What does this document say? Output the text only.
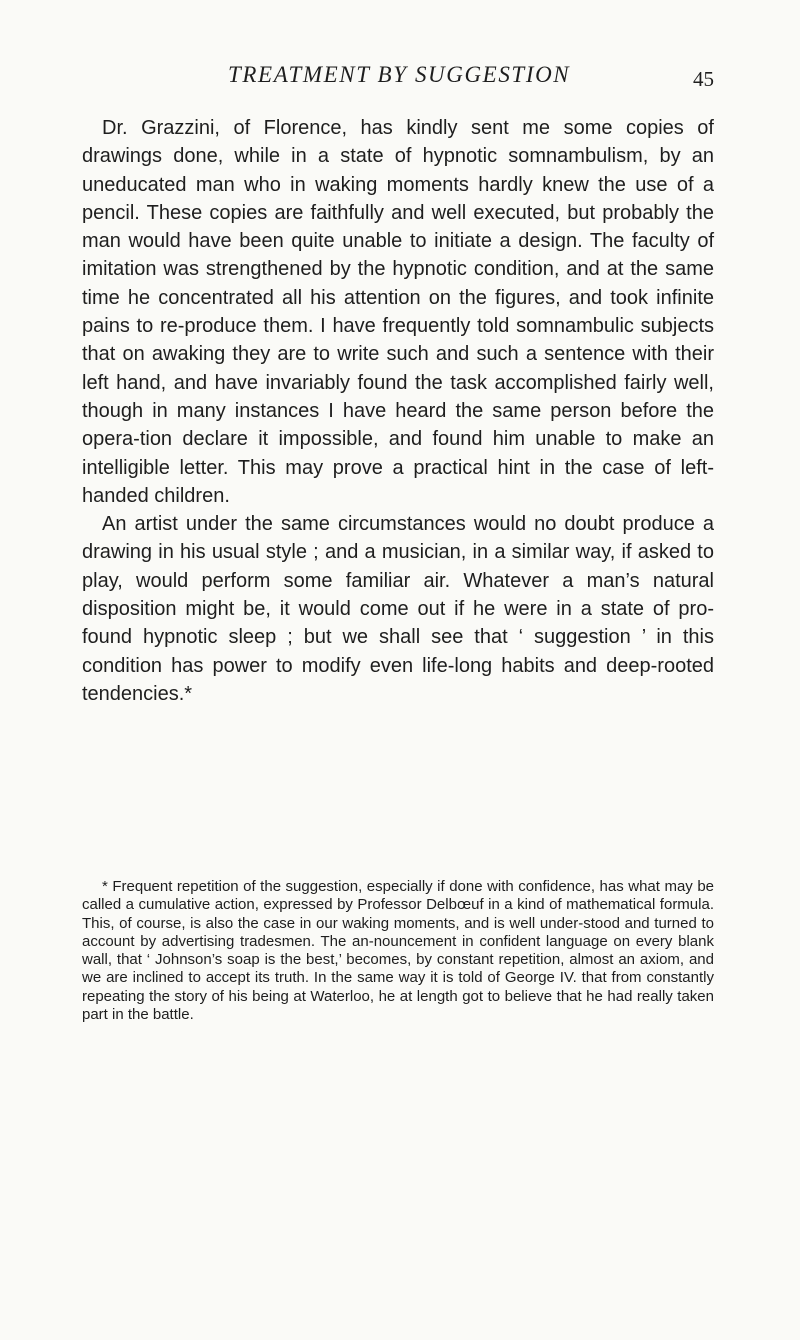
TREATMENT BY SUGGESTION	45

Dr. Grazzini, of Florence, has kindly sent me some copies of drawings done, while in a state of hypnotic somnambulism, by an uneducated man who in waking moments hardly knew the use of a pencil. These copies are faithfully and well executed, but probably the man would have been quite unable to initiate a design. The faculty of imitation was strengthened by the hypnotic condition, and at the same time he concentrated all his attention on the figures, and took infinite pains to re-produce them. I have frequently told somnambulic subjects that on awaking they are to write such and such a sentence with their left hand, and have invariably found the task accomplished fairly well, though in many instances I have heard the same person before the opera-tion declare it impossible, and found him unable to make an intelligible letter. This may prove a practical hint in the case of left-handed children.

An artist under the same circumstances would no doubt produce a drawing in his usual style ; and a musician, in a similar way, if asked to play, would perform some familiar air. Whatever a man’s natural disposition might be, it would come out if he were in a state of pro-found hypnotic sleep ; but we shall see that ‘ suggestion ’ in this condition has power to modify even life-long habits and deep-rooted tendencies.*

* Frequent repetition of the suggestion, especially if done with confidence, has what may be called a cumulative action, expressed by Professor Delbœuf in a kind of mathematical formula. This, of course, is also the case in our waking moments, and is well under-stood and turned to account by advertising tradesmen. The an-nouncement in confident language on every blank wall, that ‘ Johnson’s soap is the best,’ becomes, by constant repetition, almost an axiom, and we are inclined to accept its truth. In the same way it is told of George IV. that from constantly repeating the story of his being at Waterloo, he at length got to believe that he had really taken part in the battle.
